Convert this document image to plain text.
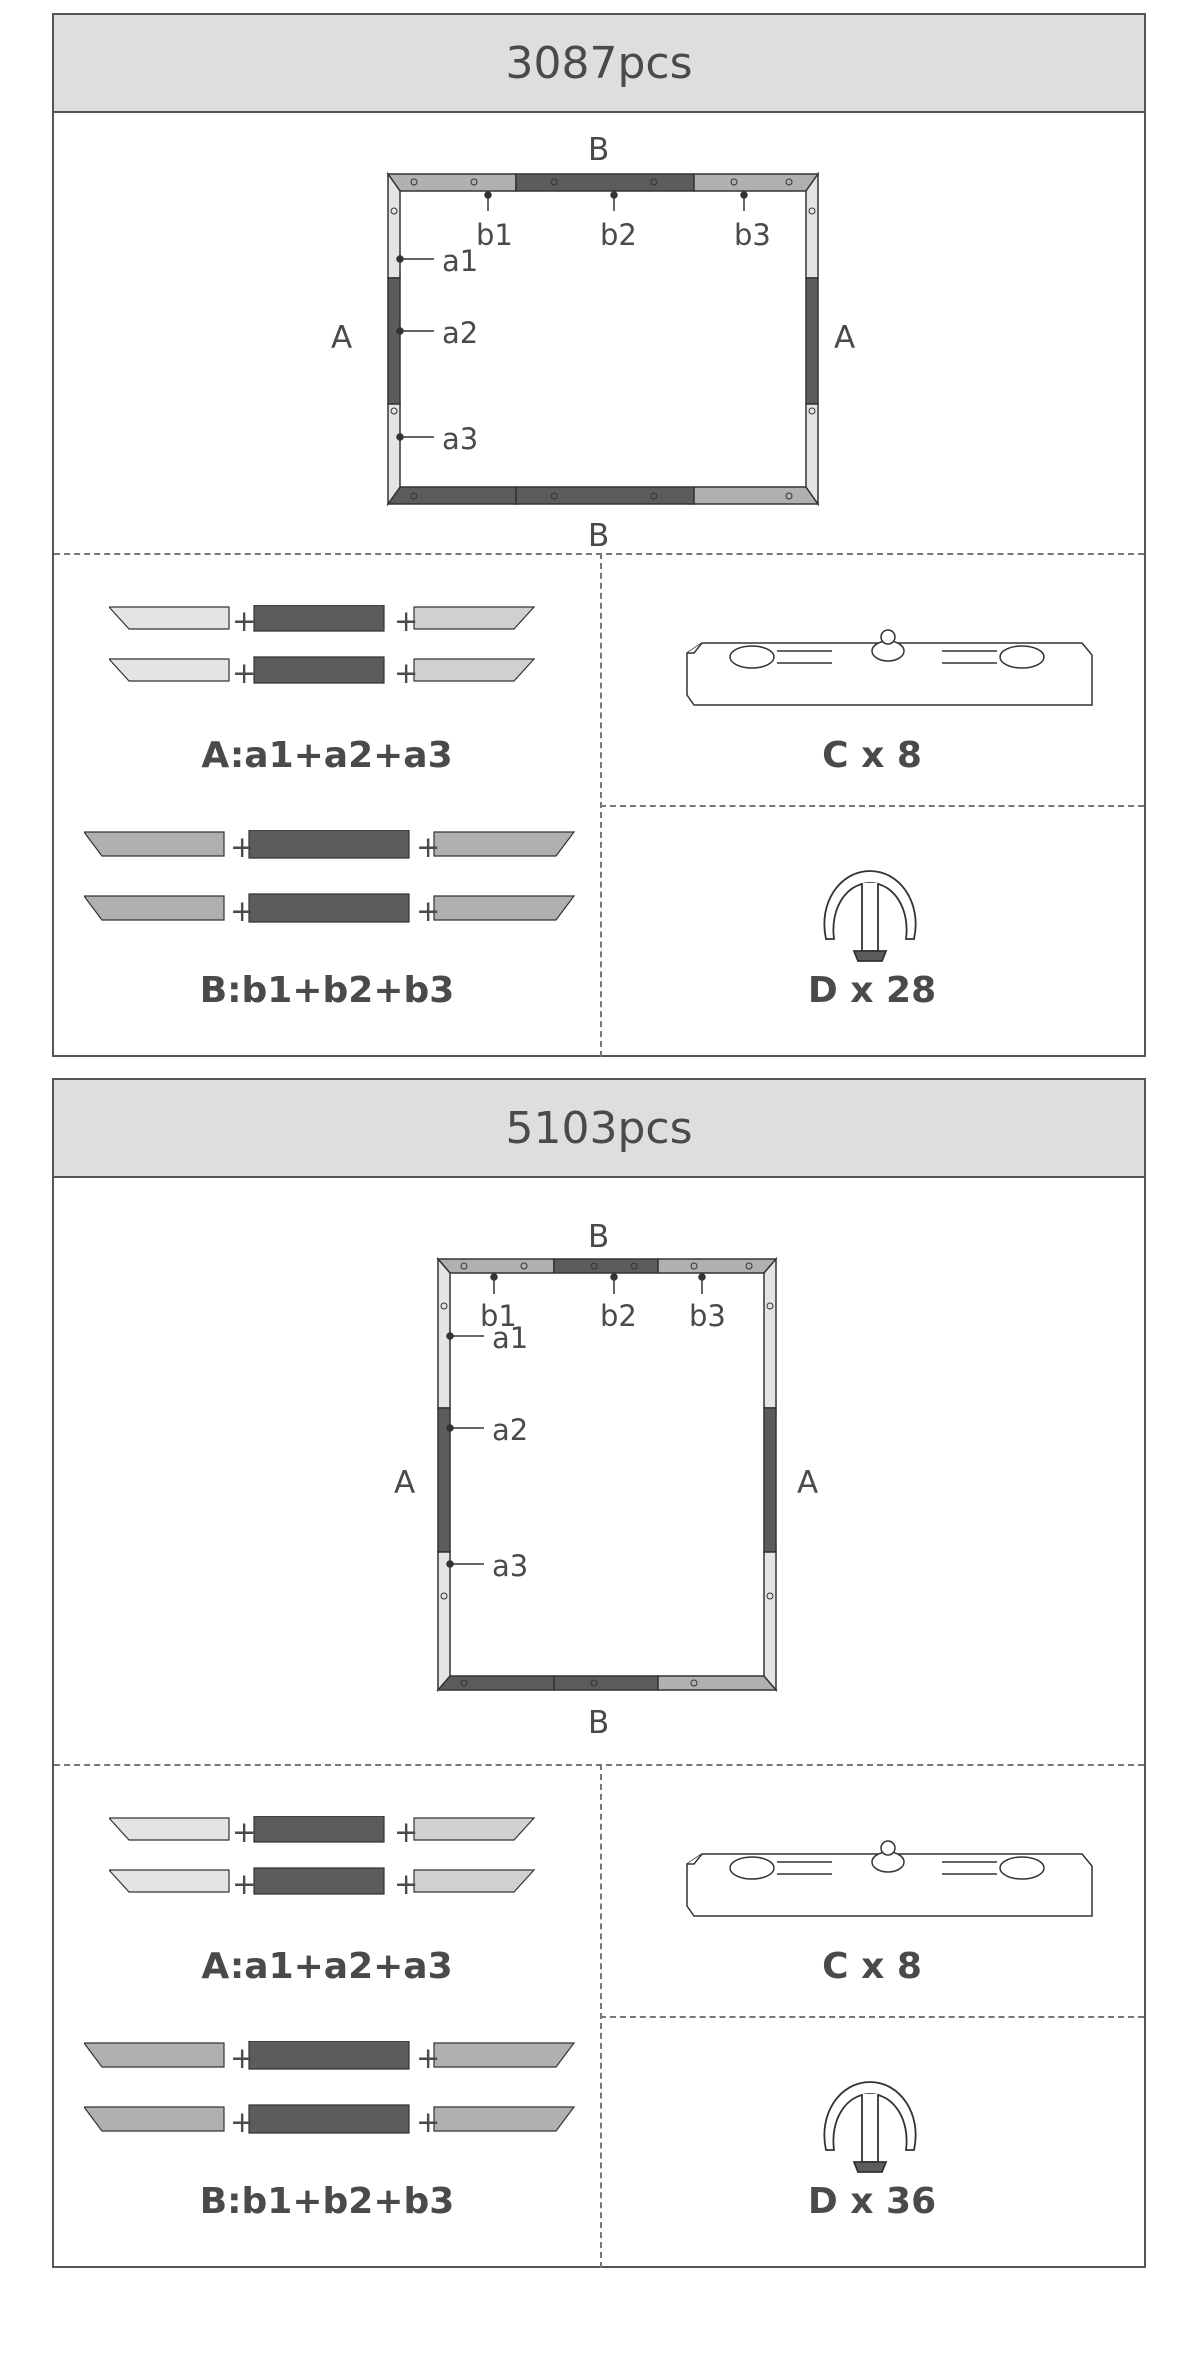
3087pcs
B
B
A	A
b1	b2	b3
a1
a2
a3
+	+
+	+
A:a1+a2+a3
+	+
+	+
B:b1+b2+b3
C x 8
D x 28
5103pcs
B
B
A	A
b1	b2 b3
a1
a2
a3
+	+
+	+
A:a1+a2+a3
+	+
+	+
B:b1+b2+b3
C x 8
D x 36
